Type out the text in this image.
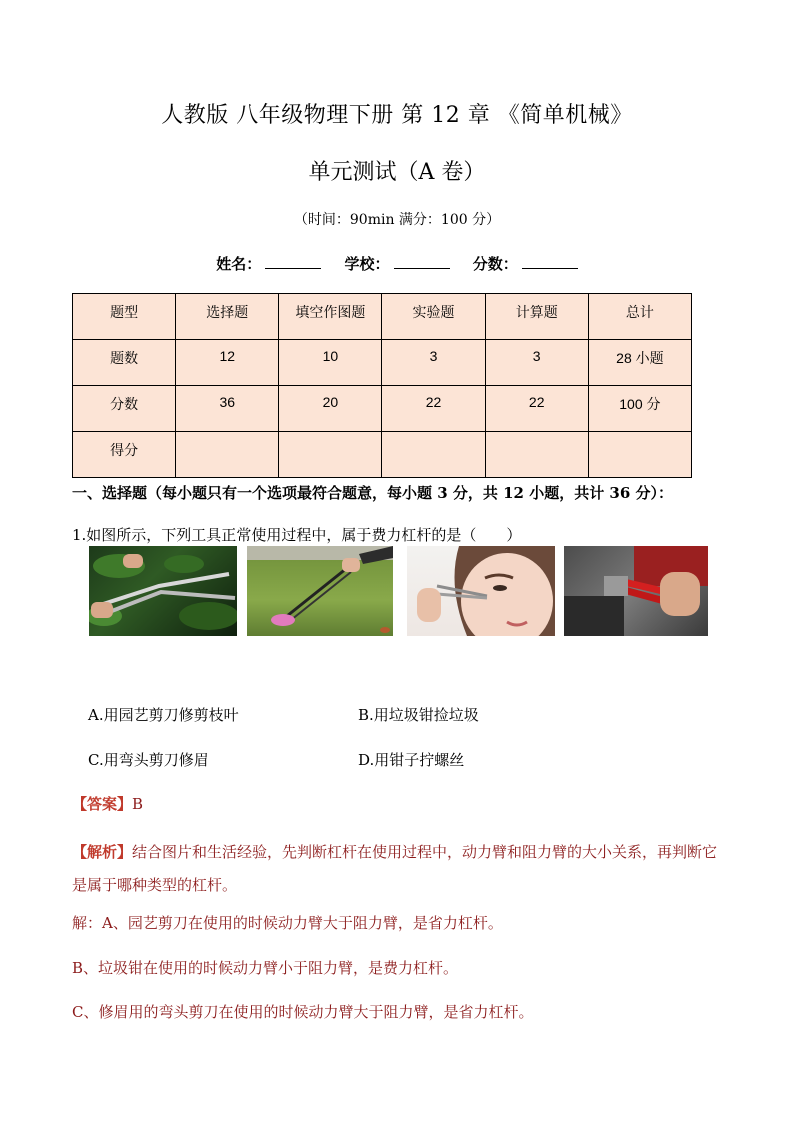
人教版 八年级物理下册 第 12 章 《简单机械》
单元测试（A 卷）
（时间：90min 满分：100 分）
姓名：	学校：	分数：
题型	选择题	填空作图题	实验题	计算题	总计
题数	12	10	3	3	28 小题
分数	36	20	22	22	100 分
得分					
一、选择题（每小题只有一个选项最符合题意，每小题 3 分，共 12 小题，共计 36 分）：
1.如图所示，下列工具正常使用过程中，属于费力杠杆的是（　　）
A.用园艺剪刀修剪枝叶	B.用垃圾钳捡垃圾
C.用弯头剪刀修眉	D.用钳子拧螺丝
【答案】B
【解析】结合图片和生活经验，先判断杠杆在使用过程中，动力臂和阻力臂的大小关系，再判断它是属于哪种类型的杠杆。
解：A、园艺剪刀在使用的时候动力臂大于阻力臂，是省力杠杆。
B、垃圾钳在使用的时候动力臂小于阻力臂，是费力杠杆。
C、修眉用的弯头剪刀在使用的时候动力臂大于阻力臂，是省力杠杆。
